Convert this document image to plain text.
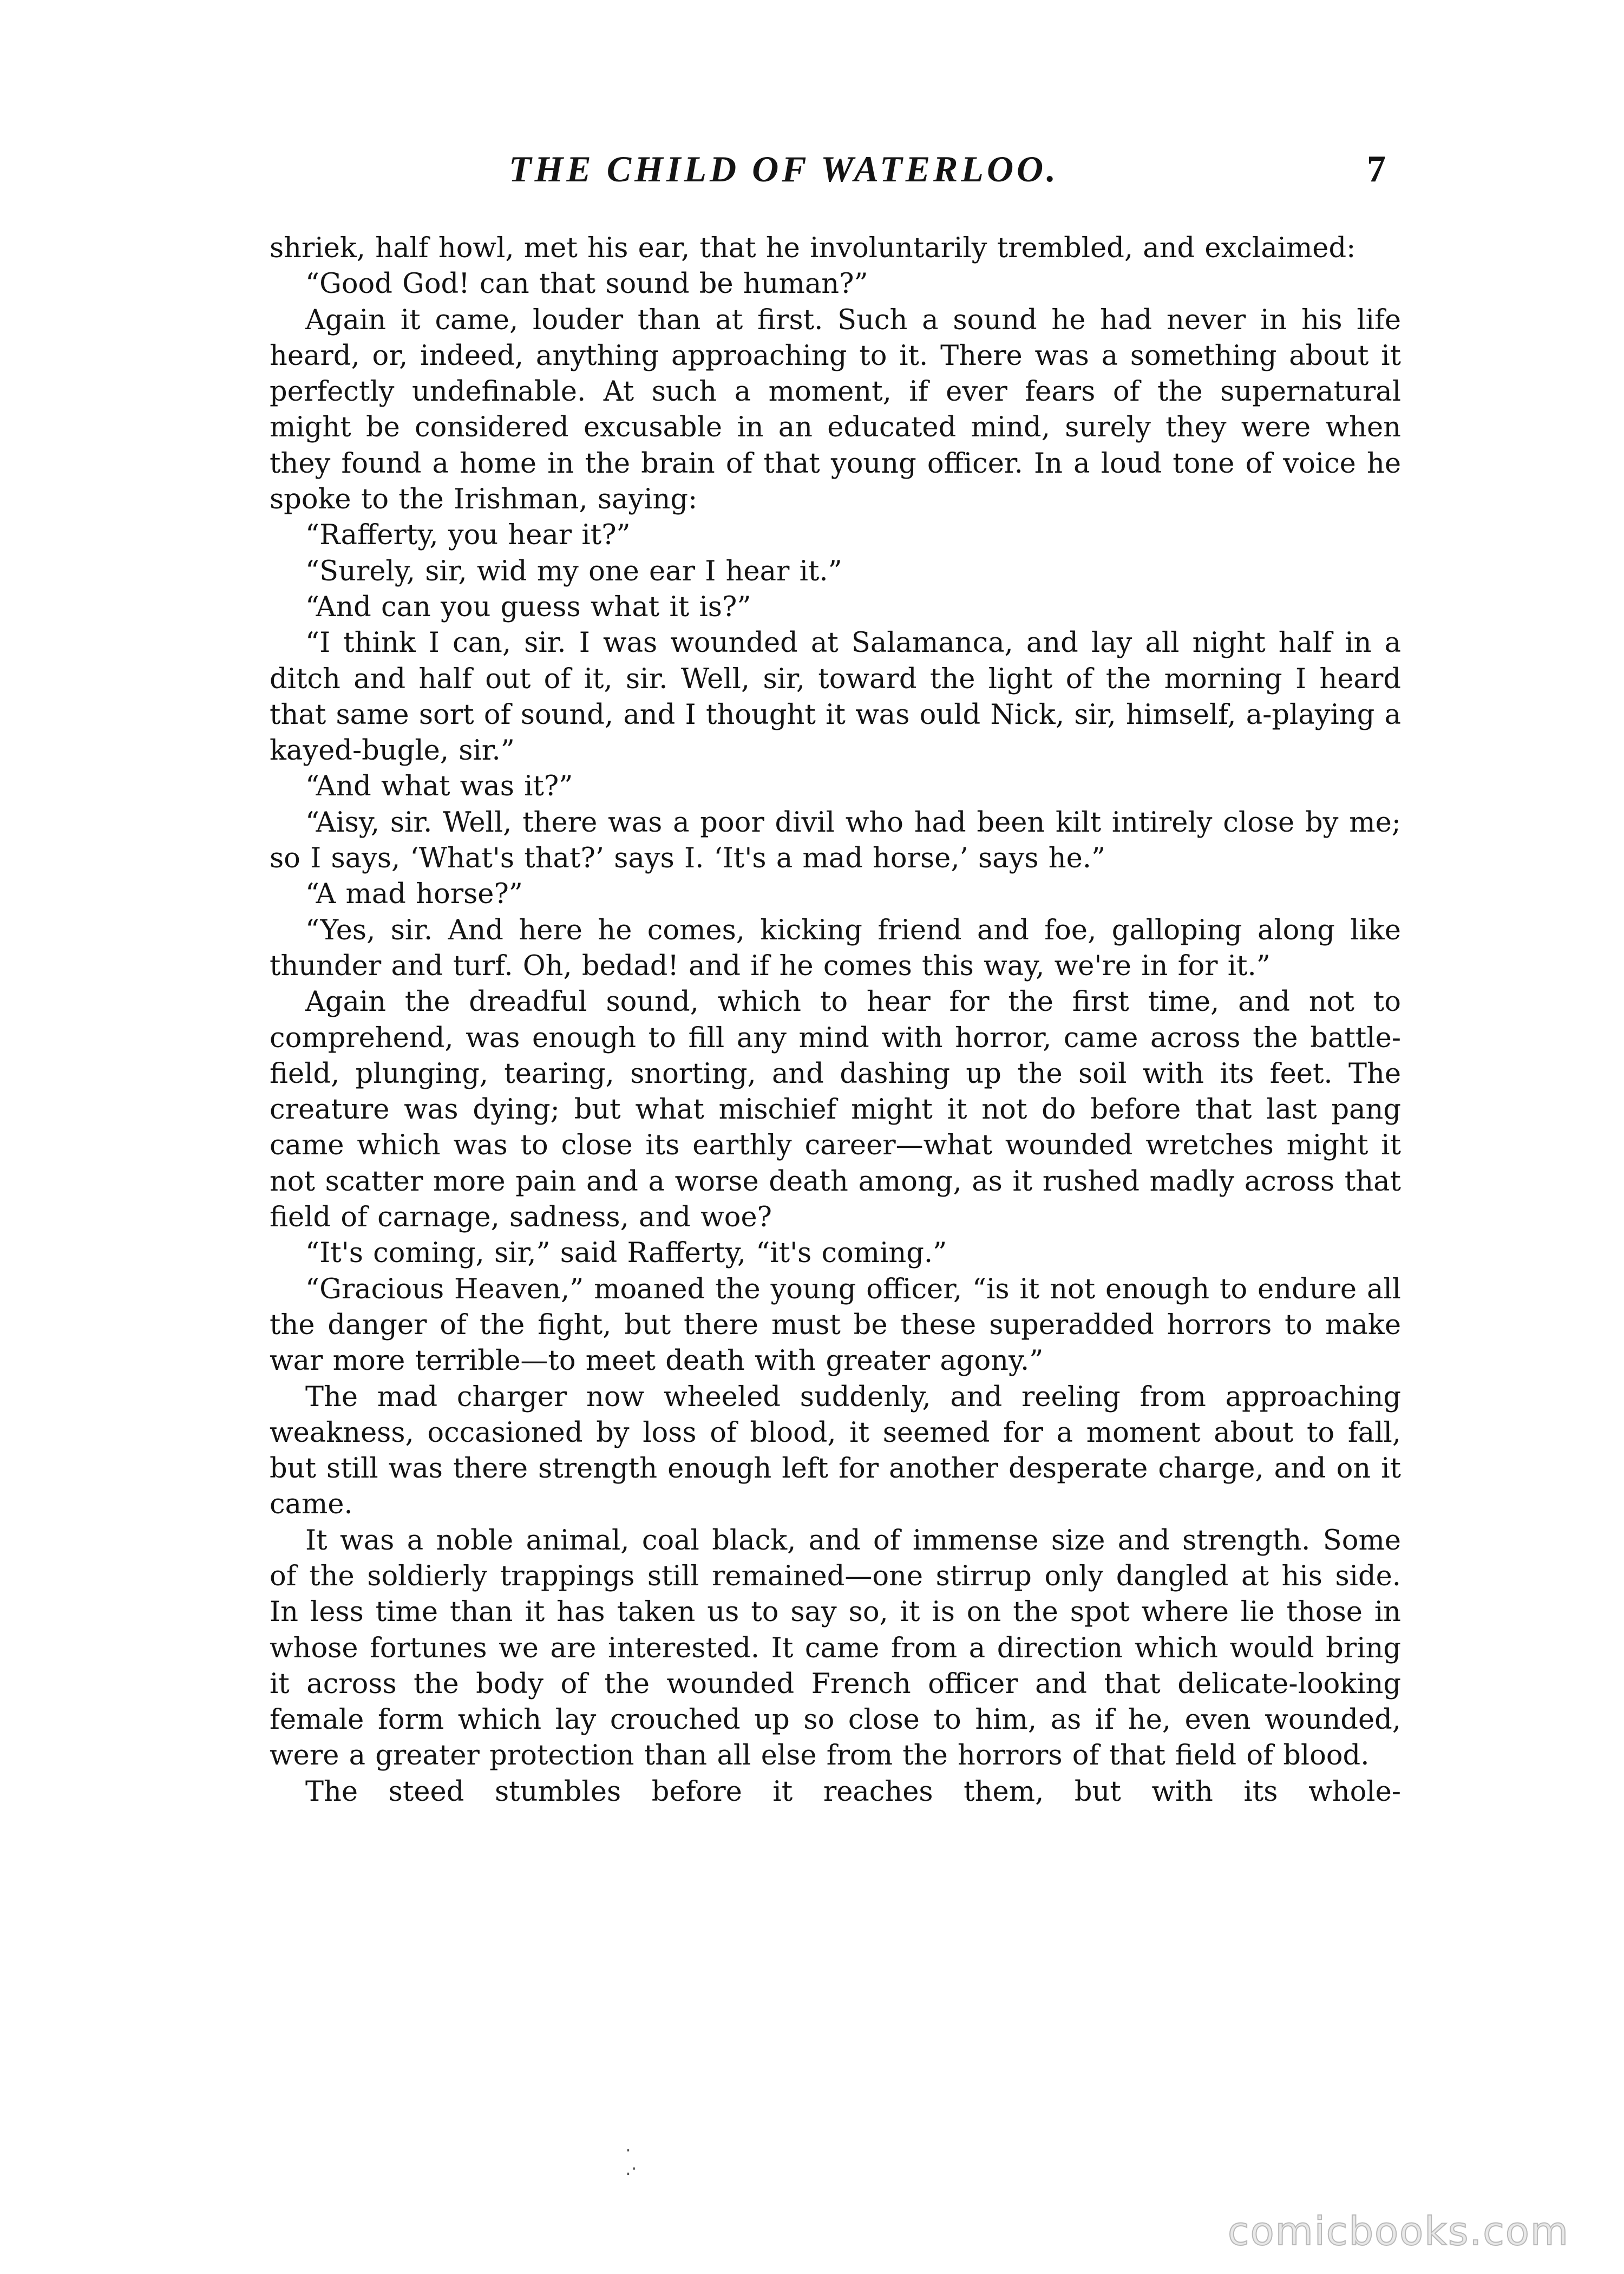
THE CHILD OF WATERLOO.	7

shriek, half howl, met his ear, that he involuntarily trembled, and exclaimed:

“Good God! can that sound be human?”

Again it came, louder than at first. Such a sound he had never in his life heard, or, indeed, anything approaching to it. There was a something about it perfectly undefinable. At such a moment, if ever fears of the supernatural might be considered excusable in an educated mind, surely they were when they found a home in the brain of that young officer. In a loud tone of voice he spoke to the Irishman, saying:

“Rafferty, you hear it?”

“Surely, sir, wid my one ear I hear it.”

“And can you guess what it is?”

“I think I can, sir. I was wounded at Salamanca, and lay all night half in a ditch and half out of it, sir. Well, sir, toward the light of the morning I heard that same sort of sound, and I thought it was ould Nick, sir, himself, a-playing a kayed-bugle, sir.”

“And what was it?”

“Aisy, sir. Well, there was a poor divil who had been kilt intirely close by me; so I says, ‘What's that?’ says I. ‘It's a mad horse,’ says he.”

“A mad horse?”

“Yes, sir. And here he comes, kicking friend and foe, galloping along like thunder and turf. Oh, bedad! and if he comes this way, we're in for it.”

Again the dreadful sound, which to hear for the first time, and not to comprehend, was enough to fill any mind with horror, came across the battle-field, plunging, tearing, snorting, and dashing up the soil with its feet. The creature was dying; but what mischief might it not do before that last pang came which was to close its earthly career—what wounded wretches might it not scatter more pain and a worse death among, as it rushed madly across that field of carnage, sadness, and woe?

“It's coming, sir,” said Rafferty, “it's coming.”

“Gracious Heaven,” moaned the young officer, “is it not enough to endure all the danger of the fight, but there must be these superadded horrors to make war more terrible—to meet death with greater agony.”

The mad charger now wheeled suddenly, and reeling from approaching weakness, occasioned by loss of blood, it seemed for a moment about to fall, but still was there strength enough left for another desperate charge, and on it came.

It was a noble animal, coal black, and of immense size and strength. Some of the soldierly trappings still remained—one stirrup only dangled at his side. In less time than it has taken us to say so, it is on the spot where lie those in whose fortunes we are interested. It came from a direction which would bring it across the body of the wounded French officer and that delicate-looking female form which lay crouched up so close to him, as if he, even wounded, were a greater protection than all else from the horrors of that field of blood.

The steed stumbles before it reaches them, but with its whole-

·
.·
comicbooks.com
